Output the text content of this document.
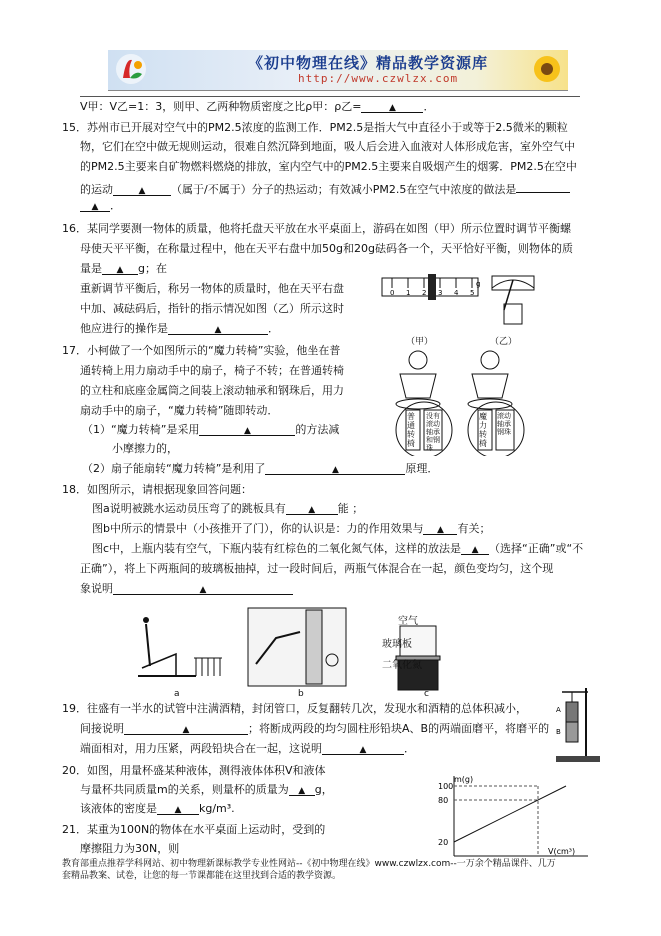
《初中物理在线》精品教学资源库
http://www.czwlzx.com
V甲：V乙=1：3，则甲、乙两种物质密度之比ρ甲：ρ乙=	▲	．
15．苏州市已开展对空气中的PM2.5浓度的监测工作．PM2.5是指大气中直径小于或等于2.5微米的颗粒
物，它们在空中做无规则运动，很难自然沉降到地面，吸人后会进入血液对人体形成危害，室外空气中
的PM2.5主要来自矿物燃料燃烧的排放，室内空气中的PM2.5主要来自吸烟产生的烟雾．PM2.5在空中
的运动	▲ （属于/不属于）分子的热运动；有效减小PM2.5在空气中浓度的做法是
▲ ．
16．某同学要测一物体的质量，他将托盘天平放在水平桌面上，游码在如图（甲）所示位置时调节平衡螺
母使天平平衡，在称量过程中，他在天平右盘中加50g和20g砝码各一个，天平恰好平衡，则物体的质
量是 ▲ g；在
重新调节平衡后，称另一物体的质量时，他在天平右盘
中加、减砝码后，指针的指示情况如图（乙）所示这时
他应进行的操作是	▲	．
0 1 2 3 4 5
g
（甲）	（乙）
17．小柯做了一个如图所示的“魔力转椅”实验，他坐在普
通转椅上用力扇动手中的扇子，椅子不转；在普通转椅
的立柱和底座金属筒之间装上滚动轴承和钢珠后，用力
扇动手中的扇子，“魔力转椅”随即转动．
（1）“魔力转椅”是采用	▲	的方法减
小摩擦力的，
（2）扇子能扇转“魔力转椅”是利用了	▲	原理．
普通转椅
没有滚动轴承和钢珠
魔力转椅
滚动轴承钢珠
18．如图所示，请根据现象回答问题：
图a说明被跳水运动员压弯了的跳板具有	▲ 能 ；
图b中所示的情景中（小孩推开了门），你的认识是：力的作用效果与 ▲ 有关；
图c中，上瓶内装有空气，下瓶内装有红棕色的二氧化氮气体，这样的放法是 ▲ （选择“正确”或“不
正确”），将上下两瓶间的玻璃板抽掉，过一段时间后，两瓶气体混合在一起，颜色变均匀，这个现
象说明	▲
a	b	c
空气
玻璃板
二氧化氮
19．往盛有一半水的试管中注满酒精，封闭管口，反复翻转几次，发现水和酒精的总体积减小，
间接说明	▲	；将断成两段的均匀圆柱形铅块A、B的两端面磨平，将磨平的
端面相对，用力压紧，两段铅块合在一起，这说明	▲	．
A
B
20．如图，用量杯盛某种液体，测得液体体积V和液体
与量杯共同质量m的关系，则量杯的质量为 ▲ g，
该液体的密度是 ▲ kg/m³.
21．某重为100N的物体在水平桌面上运动时，受到的
摩擦阻力为30N，则
m(g)
V(cm³)
20
80
100
教育部重点推荐学科网站、初中物理新课标教学专业性网站--《初中物理在线》www.czwlzx.com--一万余个精品课件、几万
套精品教案、试卷，让您的每一节课都能在这里找到合适的教学资源。
